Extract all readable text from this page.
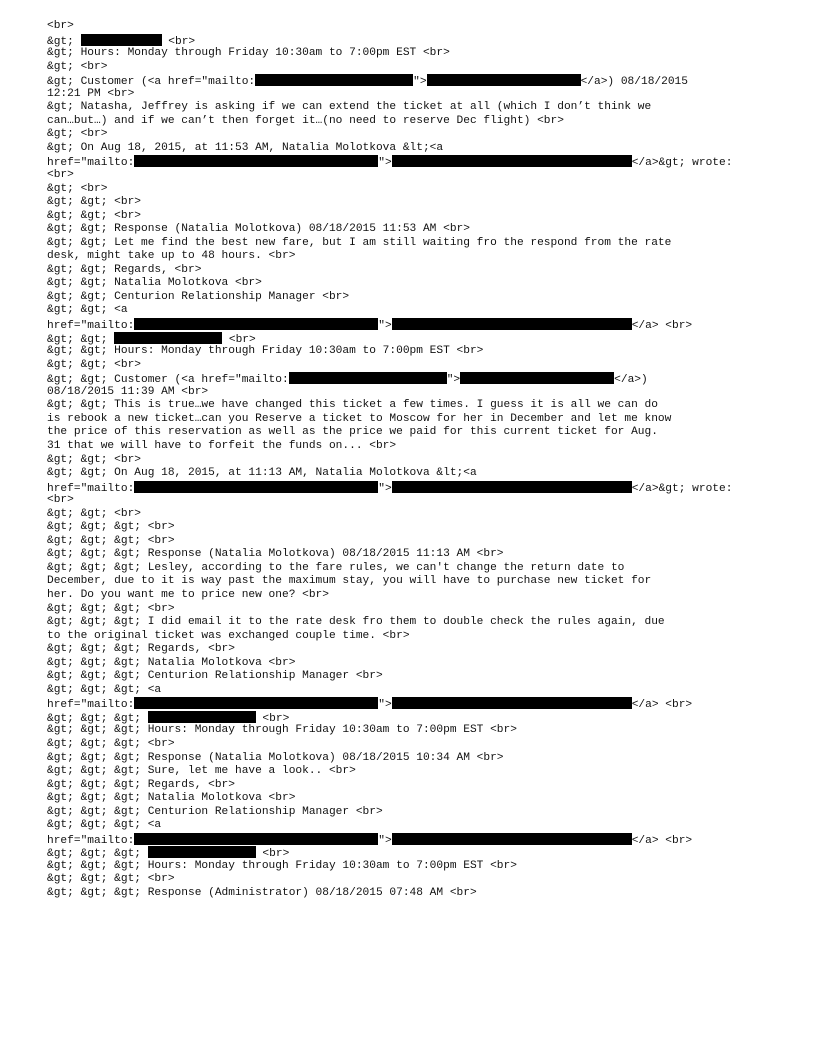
<br>
&gt;	<br>
&gt; Hours: Monday through Friday 10:30am to 7:00pm EST <br>
&gt; <br>
&gt; Customer (<a href="mailto:	">	</a>) 08/18/2015
12:21 PM <br>
&gt; Natasha, Jeffrey is asking if we can extend the ticket at all (which I don’t think we
can…but…) and if we can’t then forget it…(no need to reserve Dec flight) <br>
&gt; <br>
&gt; On Aug 18, 2015, at 11:53 AM, Natalia Molotkova &lt;<a
href="mailto:	">	</a>&gt; wrote:
<br>
&gt; <br>
&gt; &gt; <br>
&gt; &gt; <br>
&gt; &gt; Response (Natalia Molotkova) 08/18/2015 11:53 AM <br>
&gt; &gt; Let me find the best new fare, but I am still waiting fro the respond from the rate
desk, might take up to 48 hours. <br>
&gt; &gt; Regards, <br>
&gt; &gt; Natalia Molotkova <br>
&gt; &gt; Centurion Relationship Manager <br>
&gt; &gt; <a
href="mailto:	">	</a> <br>
&gt; &gt;	<br>
&gt; &gt; Hours: Monday through Friday 10:30am to 7:00pm EST <br>
&gt; &gt; <br>
&gt; &gt; Customer (<a href="mailto:	">	</a>)
08/18/2015 11:39 AM <br>
&gt; &gt; This is true…we have changed this ticket a few times. I guess it is all we can do
is rebook a new ticket…can you Reserve a ticket to Moscow for her in December and let me know
the price of this reservation as well as the price we paid for this current ticket for Aug.
31 that we will have to forfeit the funds on... <br>
&gt; &gt; <br>
&gt; &gt; On Aug 18, 2015, at 11:13 AM, Natalia Molotkova &lt;<a
href="mailto:	">	</a>&gt; wrote:
<br>
&gt; &gt; <br>
&gt; &gt; &gt; <br>
&gt; &gt; &gt; <br>
&gt; &gt; &gt; Response (Natalia Molotkova) 08/18/2015 11:13 AM <br>
&gt; &gt; &gt; Lesley, according to the fare rules, we can't change the return date to
December, due to it is way past the maximum stay, you will have to purchase new ticket for
her. Do you want me to price new one? <br>
&gt; &gt; &gt; <br>
&gt; &gt; &gt; I did email it to the rate desk fro them to double check the rules again, due
to the original ticket was exchanged couple time. <br>
&gt; &gt; &gt; Regards, <br>
&gt; &gt; &gt; Natalia Molotkova <br>
&gt; &gt; &gt; Centurion Relationship Manager <br>
&gt; &gt; &gt; <a
href="mailto:	">	</a> <br>
&gt; &gt; &gt;	<br>
&gt; &gt; &gt; Hours: Monday through Friday 10:30am to 7:00pm EST <br>
&gt; &gt; &gt; <br>
&gt; &gt; &gt; Response (Natalia Molotkova) 08/18/2015 10:34 AM <br>
&gt; &gt; &gt; Sure, let me have a look.. <br>
&gt; &gt; &gt; Regards, <br>
&gt; &gt; &gt; Natalia Molotkova <br>
&gt; &gt; &gt; Centurion Relationship Manager <br>
&gt; &gt; &gt; <a
href="mailto:	">	</a> <br>
&gt; &gt; &gt;	<br>
&gt; &gt; &gt; Hours: Monday through Friday 10:30am to 7:00pm EST <br>
&gt; &gt; &gt; <br>
&gt; &gt; &gt; Response (Administrator) 08/18/2015 07:48 AM <br>
